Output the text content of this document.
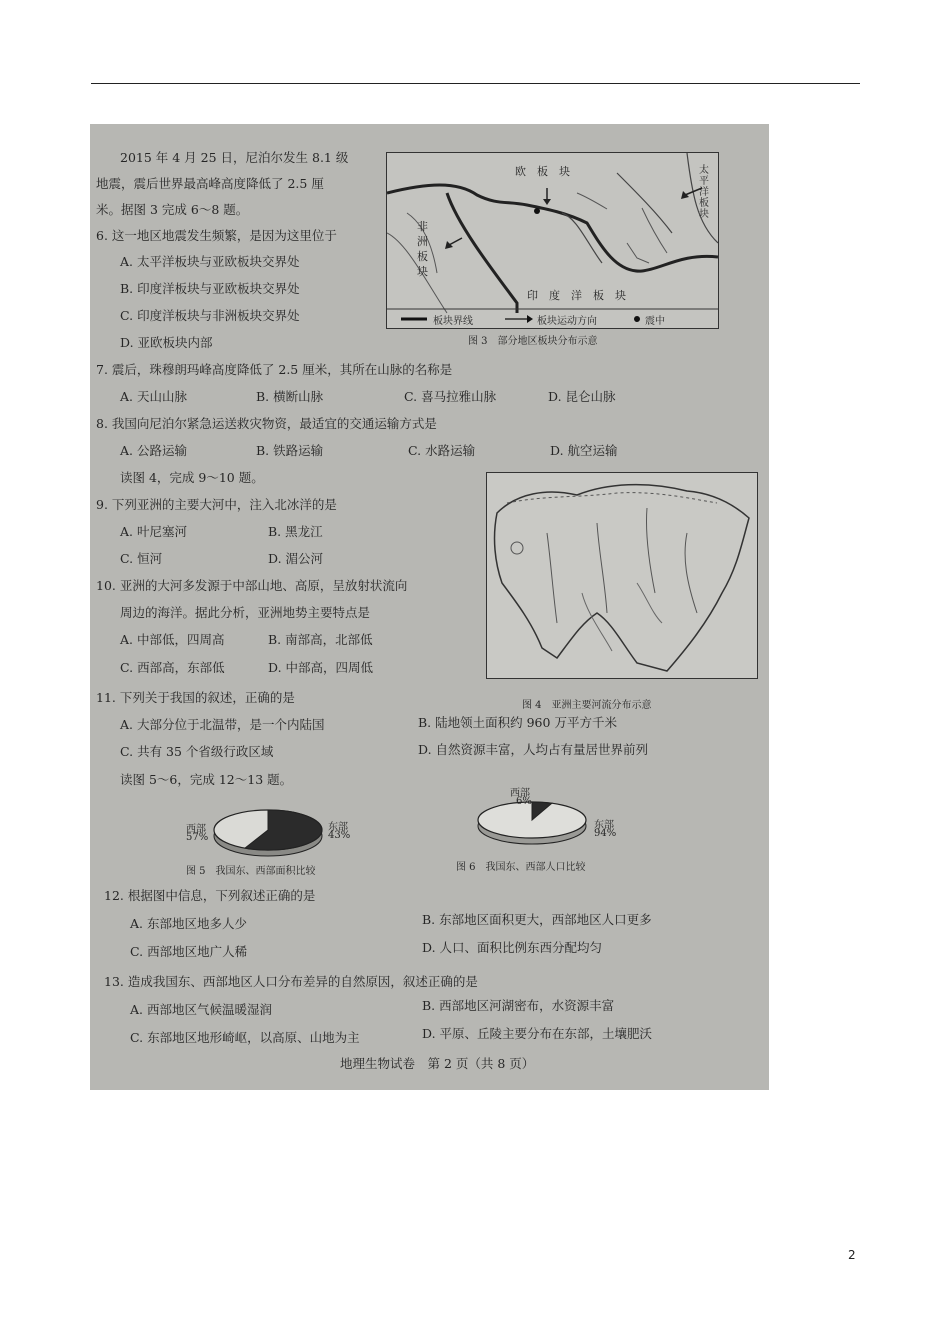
2015 年 4 月 25 日，尼泊尔发生 8.1 级
地震，震后世界最高峰高度降低了 2.5 厘
米。据图 3 完成 6～8 题。
6. 这一地区地震发生频繁，是因为这里位于
A. 太平洋板块与亚欧板块交界处
B. 印度洋板块与亚欧板块交界处
C. 印度洋板块与非洲板块交界处
D. 亚欧板块内部
欧　板　块	太平洋板块
非洲板块
印　度　洋　板　块
板块界线	板块运动方向	震中
图 3　部分地区板块分布示意
7. 震后，珠穆朗玛峰高度降低了 2.5 厘米，其所在山脉的名称是
A. 天山山脉	B. 横断山脉	C. 喜马拉雅山脉	D. 昆仑山脉
8. 我国向尼泊尔紧急运送救灾物资，最适宜的交通运输方式是
A. 公路运输	B. 铁路运输	C. 水路运输	D. 航空运输
读图 4，完成 9～10 题。
9. 下列亚洲的主要大河中，注入北冰洋的是
A. 叶尼塞河	B. 黑龙江
C. 恒河	D. 湄公河
图 4　亚洲主要河流分布示意
10. 亚洲的大河多发源于中部山地、高原，呈放射状流向
周边的海洋。据此分析，亚洲地势主要特点是
A. 中部低，四周高	B. 南部高，北部低
C. 西部高，东部低	D. 中部高，四周低
11. 下列关于我国的叙述，正确的是
A. 大部分位于北温带，是一个内陆国	B. 陆地领土面积约 960 万平方千米
C. 共有 35 个省级行政区域	D. 自然资源丰富，人均占有量居世界前列
读图 5～6，完成 12～13 题。
西部
57%
东部
43%
图 5　我国东、西部面积比较
西部
6%
东部
94%
图 6　我国东、西部人口比较
12. 根据图中信息，下列叙述正确的是
A. 东部地区地多人少	B. 东部地区面积更大，西部地区人口更多
C. 西部地区地广人稀	D. 人口、面积比例东西分配均匀
13. 造成我国东、西部地区人口分布差异的自然原因，叙述正确的是
A. 西部地区气候温暖湿润	B. 西部地区河湖密布，水资源丰富
C. 东部地区地形崎岖，以高原、山地为主	D. 平原、丘陵主要分布在东部，土壤肥沃
地理生物试卷　第 2 页（共 8 页）
2
